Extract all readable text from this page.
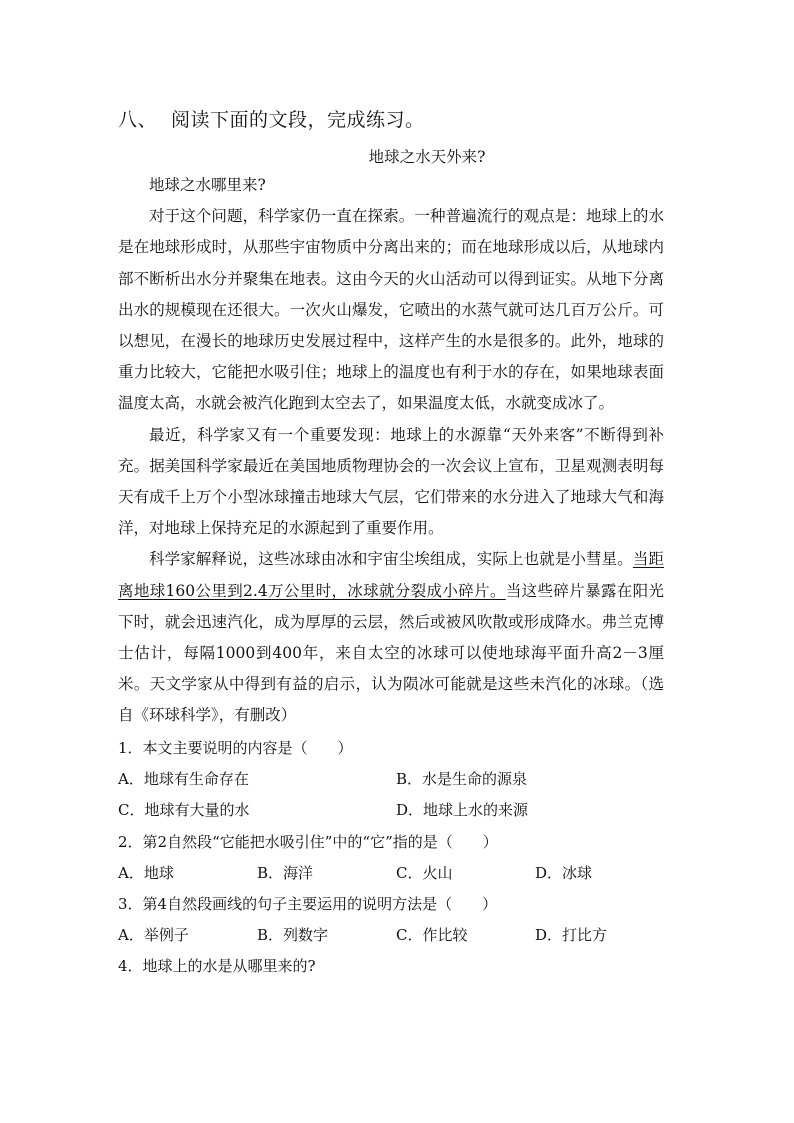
八、 阅读下面的文段，完成练习。
地球之水天外来?

地球之水哪里来?

对于这个问题，科学家仍一直在探索。一种普遍流行的观点是：地球上的水是在地球形成时，从那些宇宙物质中分离出来的；而在地球形成以后，从地球内部不断析出水分并聚集在地表。这由今天的火山活动可以得到证实。从地下分离出水的规模现在还很大。一次火山爆发，它喷出的水蒸气就可达几百万公斤。可以想见，在漫长的地球历史发展过程中，这样产生的水是很多的。此外，地球的重力比较大，它能把水吸引住；地球上的温度也有利于水的存在，如果地球表面温度太高，水就会被汽化跑到太空去了，如果温度太低，水就变成冰了。

最近，科学家又有一个重要发现：地球上的水源靠“天外来客”不断得到补充。据美国科学家最近在美国地质物理协会的一次会议上宣布，卫星观测表明每天有成千上万个小型冰球撞击地球大气层，它们带来的水分进入了地球大气和海洋，对地球上保持充足的水源起到了重要作用。

科学家解释说，这些冰球由冰和宇宙尘埃组成，实际上也就是小彗星。当距离地球160公里到2.4万公里时，冰球就分裂成小碎片。当这些碎片暴露在阳光下时，就会迅速汽化，成为厚厚的云层，然后或被风吹散或形成降水。弗兰克博士估计，每隔1000到400年，来自太空的冰球可以使地球海平面升高2－3厘米。天文学家从中得到有益的启示，认为陨冰可能就是这些未汽化的冰球。（选自《环球科学》，有删改）

1．本文主要说明的内容是（　　）
A．地球有生命存在	B．水是生命的源泉
C．地球有大量的水	D．地球上水的来源
2．第2自然段“它能把水吸引住”中的“它”指的是（　　）
A．地球	B．海洋	C．火山	D．冰球
3．第4自然段画线的句子主要运用的说明方法是（　　）
A．举例子	B．列数字	C．作比较	D．打比方
4．地球上的水是从哪里来的?
